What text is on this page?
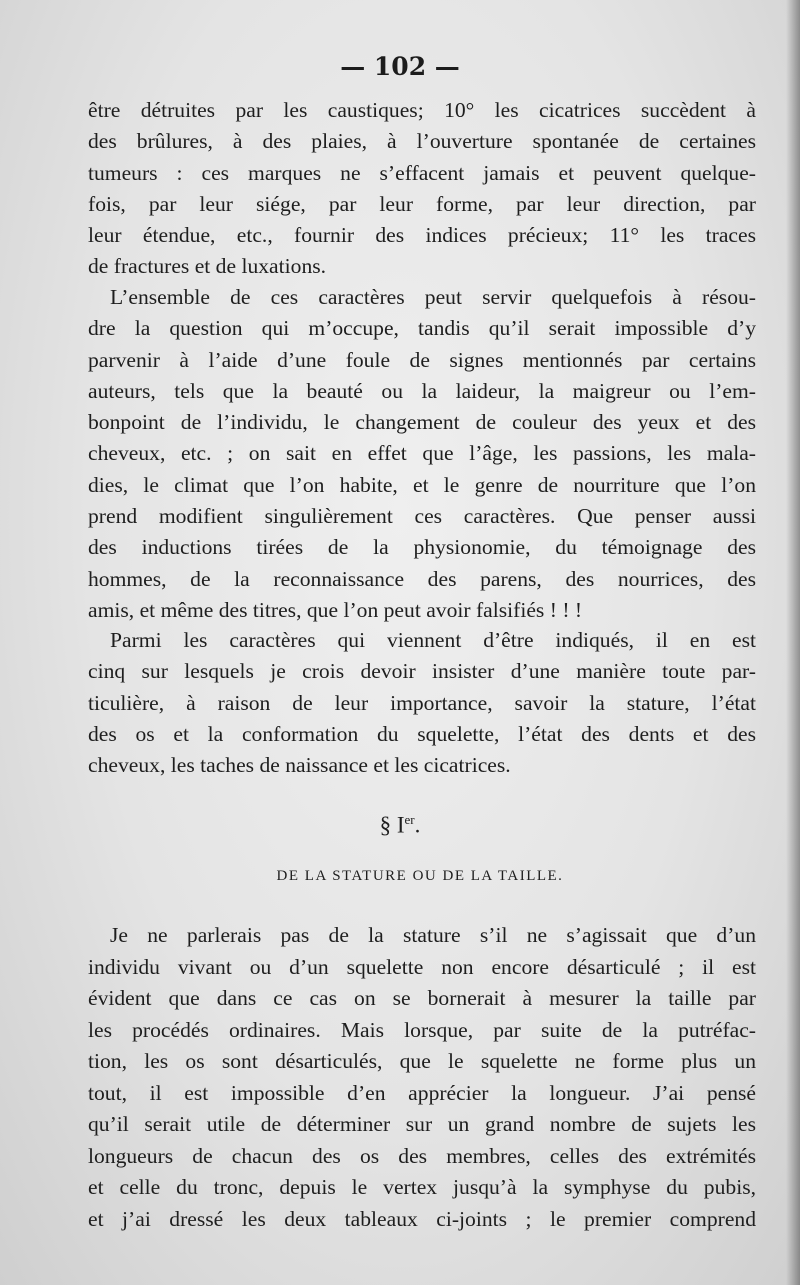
— 102 —

être détruites par les caustiques; 10° les cicatrices succèdent à

des brûlures, à des plaies, à l’ouverture spontanée de certaines

tumeurs : ces marques ne s’effacent jamais et peuvent quelque-

fois, par leur siége, par leur forme, par leur direction, par

leur étendue, etc., fournir des indices précieux; 11° les traces

de fractures et de luxations.

L’ensemble de ces caractères peut servir quelquefois à résou-

dre la question qui m’occupe, tandis qu’il serait impossible d’y

parvenir à l’aide d’une foule de signes mentionnés par certains

auteurs, tels que la beauté ou la laideur, la maigreur ou l’em-

bonpoint de l’individu, le changement de couleur des yeux et des

cheveux, etc. ; on sait en effet que l’âge, les passions, les mala-

dies, le climat que l’on habite, et le genre de nourriture que l’on

prend modifient singulièrement ces caractères. Que penser aussi

des inductions tirées de la physionomie, du témoignage des

hommes, de la reconnaissance des parens, des nourrices, des

amis, et même des titres, que l’on peut avoir falsifiés ! ! !

Parmi les caractères qui viennent d’être indiqués, il en est

cinq sur lesquels je crois devoir insister d’une manière toute par-

ticulière, à raison de leur importance, savoir la stature, l’état

des os et la conformation du squelette, l’état des dents et des

cheveux, les taches de naissance et les cicatrices.

§ Ier.
DE LA STATURE OU DE LA TAILLE.

Je ne parlerais pas de la stature s’il ne s’agissait que d’un

individu vivant ou d’un squelette non encore désarticulé ; il est

évident que dans ce cas on se bornerait à mesurer la taille par

les procédés ordinaires. Mais lorsque, par suite de la putréfac-

tion, les os sont désarticulés, que le squelette ne forme plus un

tout, il est impossible d’en apprécier la longueur. J’ai pensé

qu’il serait utile de déterminer sur un grand nombre de sujets les

longueurs de chacun des os des membres, celles des extrémités

et celle du tronc, depuis le vertex jusqu’à la symphyse du pubis,

et j’ai dressé les deux tableaux ci-joints ; le premier comprend
